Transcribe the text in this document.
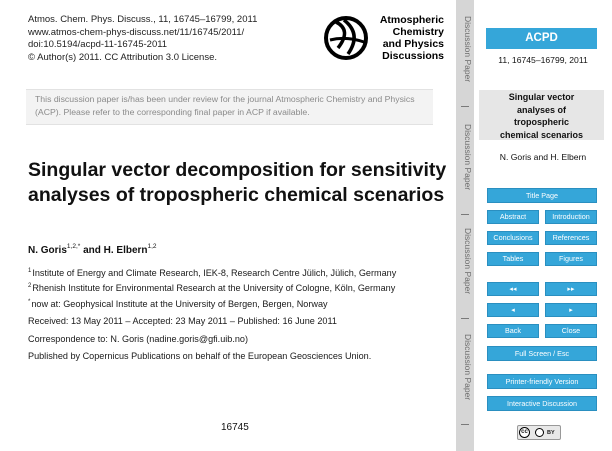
Atmos. Chem. Phys. Discuss., 11, 16745–16799, 2011
www.atmos-chem-phys-discuss.net/11/16745/2011/
doi:10.5194/acpd-11-16745-2011
© Author(s) 2011. CC Attribution 3.0 License.
Atmospheric
Chemistry
and Physics
Discussions
This discussion paper is/has been under review for the journal Atmospheric Chemistry and Physics (ACP). Please refer to the corresponding final paper in ACP if available.
Singular vector decomposition for sensitivity analyses of tropospheric chemical scenarios
N. Goris$^{1,2,*}$ and H. Elbern$^{1,2}$
$^1$Institute of Energy and Climate Research, IEK-8, Research Centre Jülich, Jülich, Germany
$^2$Rhenish Institute for Environmental Research at the University of Cologne, Köln, Germany
*now at: Geophysical Institute at the University of Bergen, Bergen, Norway
Received: 13 May 2011 – Accepted: 23 May 2011 – Published: 16 June 2011
Correspondence to: N. Goris (nadine.goris@gfi.uib.no)
Published by Copernicus Publications on behalf of the European Geosciences Union.
16745
Discussion Paper
Discussion Paper
Discussion Paper
Discussion Paper
ACPD
11, 16745–16799, 2011
Singular vector
analyses of
tropospheric
chemical scenarios
N. Goris and H. Elbern
Title Page
Abstract	Introduction
Conclusions	References
Tables	Figures
◂◂	▸▸
◂	▸
Back	Close
Full Screen / Esc
Printer-friendly Version
Interactive Discussion
cc	BY
